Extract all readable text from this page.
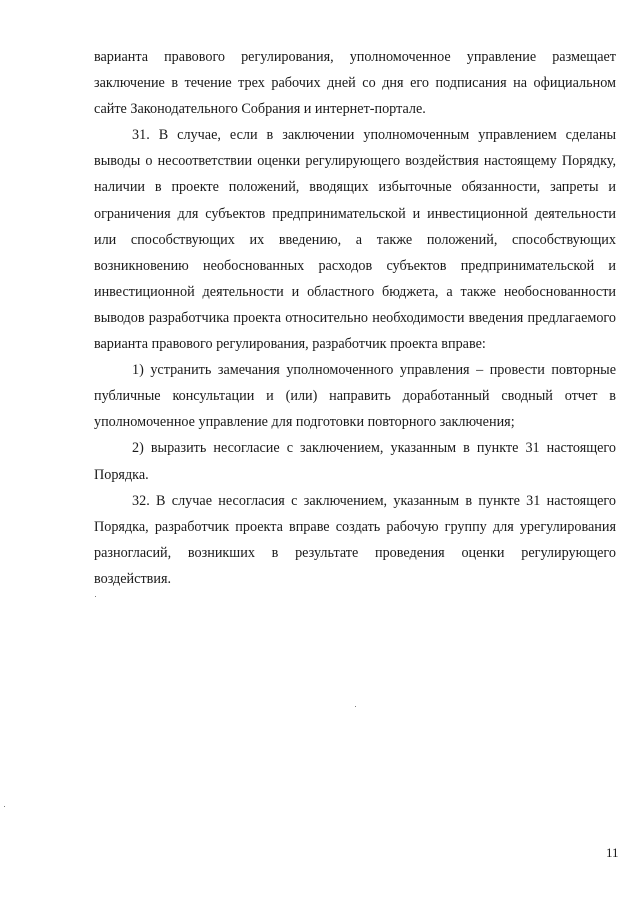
варианта правового регулирования, уполномоченное управление размещает заключение в течение трех рабочих дней со дня его подписания на официальном сайте Законодательного Собрания и интернет-портале.

31. В случае, если в заключении уполномоченным управлением сделаны выводы о несоответствии оценки регулирующего воздействия настоящему Порядку, наличии в проекте положений, вводящих избыточные обязанности, запреты и ограничения для субъектов предпринимательской и инвестиционной деятельности или способствующих их введению, а также положений, способствующих возникновению необоснованных расходов субъектов предпринимательской и инвестиционной деятельности и областного бюджета, а также необоснованности выводов разработчика проекта относительно необходимости введения предлагаемого варианта правового регулирования, разработчик проекта вправе:

1) устранить замечания уполномоченного управления – провести повторные публичные консультации и (или) направить доработанный сводный отчет в уполномоченное управление для подготовки повторного заключения;

2) выразить несогласие с заключением, указанным в пункте 31 настоящего Порядка.

32. В случае несогласия с заключением, указанным в пункте 31 настоящего Порядка, разработчик проекта вправе создать рабочую группу для урегулирования разногласий, возникших в результате проведения оценки регулирующего воздействия.

11
